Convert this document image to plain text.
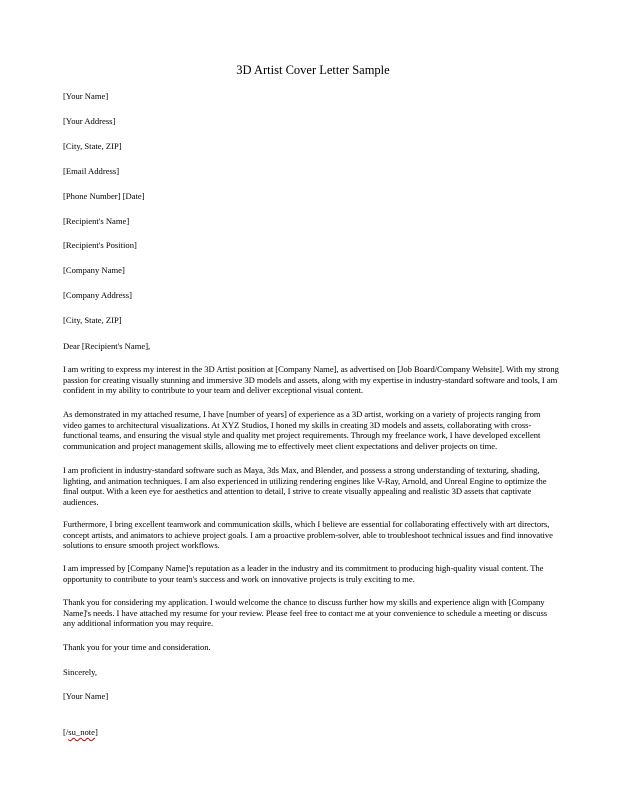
3D Artist Cover Letter Sample
[Your Name]
[Your Address]
[City, State, ZIP]
[Email Address]
[Phone Number] [Date]
[Recipient's Name]
[Recipient's Position]
[Company Name]
[Company Address]
[City, State, ZIP]
Dear [Recipient's Name],
I am writing to express my interest in the 3D Artist position at [Company Name], as advertised on [Job Board/Company Website]. With my strong passion for creating visually stunning and immersive 3D models and assets, along with my expertise in industry-standard software and tools, I am confident in my ability to contribute to your team and deliver exceptional visual content.
As demonstrated in my attached resume, I have [number of years] of experience as a 3D artist, working on a variety of projects ranging from video games to architectural visualizations. At XYZ Studios, I honed my skills in creating 3D models and assets, collaborating with cross-functional teams, and ensuring the visual style and quality met project requirements. Through my freelance work, I have developed excellent communication and project management skills, allowing me to effectively meet client expectations and deliver projects on time.
I am proficient in industry-standard software such as Maya, 3ds Max, and Blender, and possess a strong understanding of texturing, shading, lighting, and animation techniques. I am also experienced in utilizing rendering engines like V-Ray, Arnold, and Unreal Engine to optimize the final output. With a keen eye for aesthetics and attention to detail, I strive to create visually appealing and realistic 3D assets that captivate audiences.
Furthermore, I bring excellent teamwork and communication skills, which I believe are essential for collaborating effectively with art directors, concept artists, and animators to achieve project goals. I am a proactive problem-solver, able to troubleshoot technical issues and find innovative solutions to ensure smooth project workflows.
I am impressed by [Company Name]'s reputation as a leader in the industry and its commitment to producing high-quality visual content. The opportunity to contribute to your team's success and work on innovative projects is truly exciting to me.
Thank you for considering my application. I would welcome the chance to discuss further how my skills and experience align with [Company Name]'s needs. I have attached my resume for your review. Please feel free to contact me at your convenience to schedule a meeting or discuss any additional information you may require.
Thank you for your time and consideration.
Sincerely,
[Your Name]
[/su_note]
